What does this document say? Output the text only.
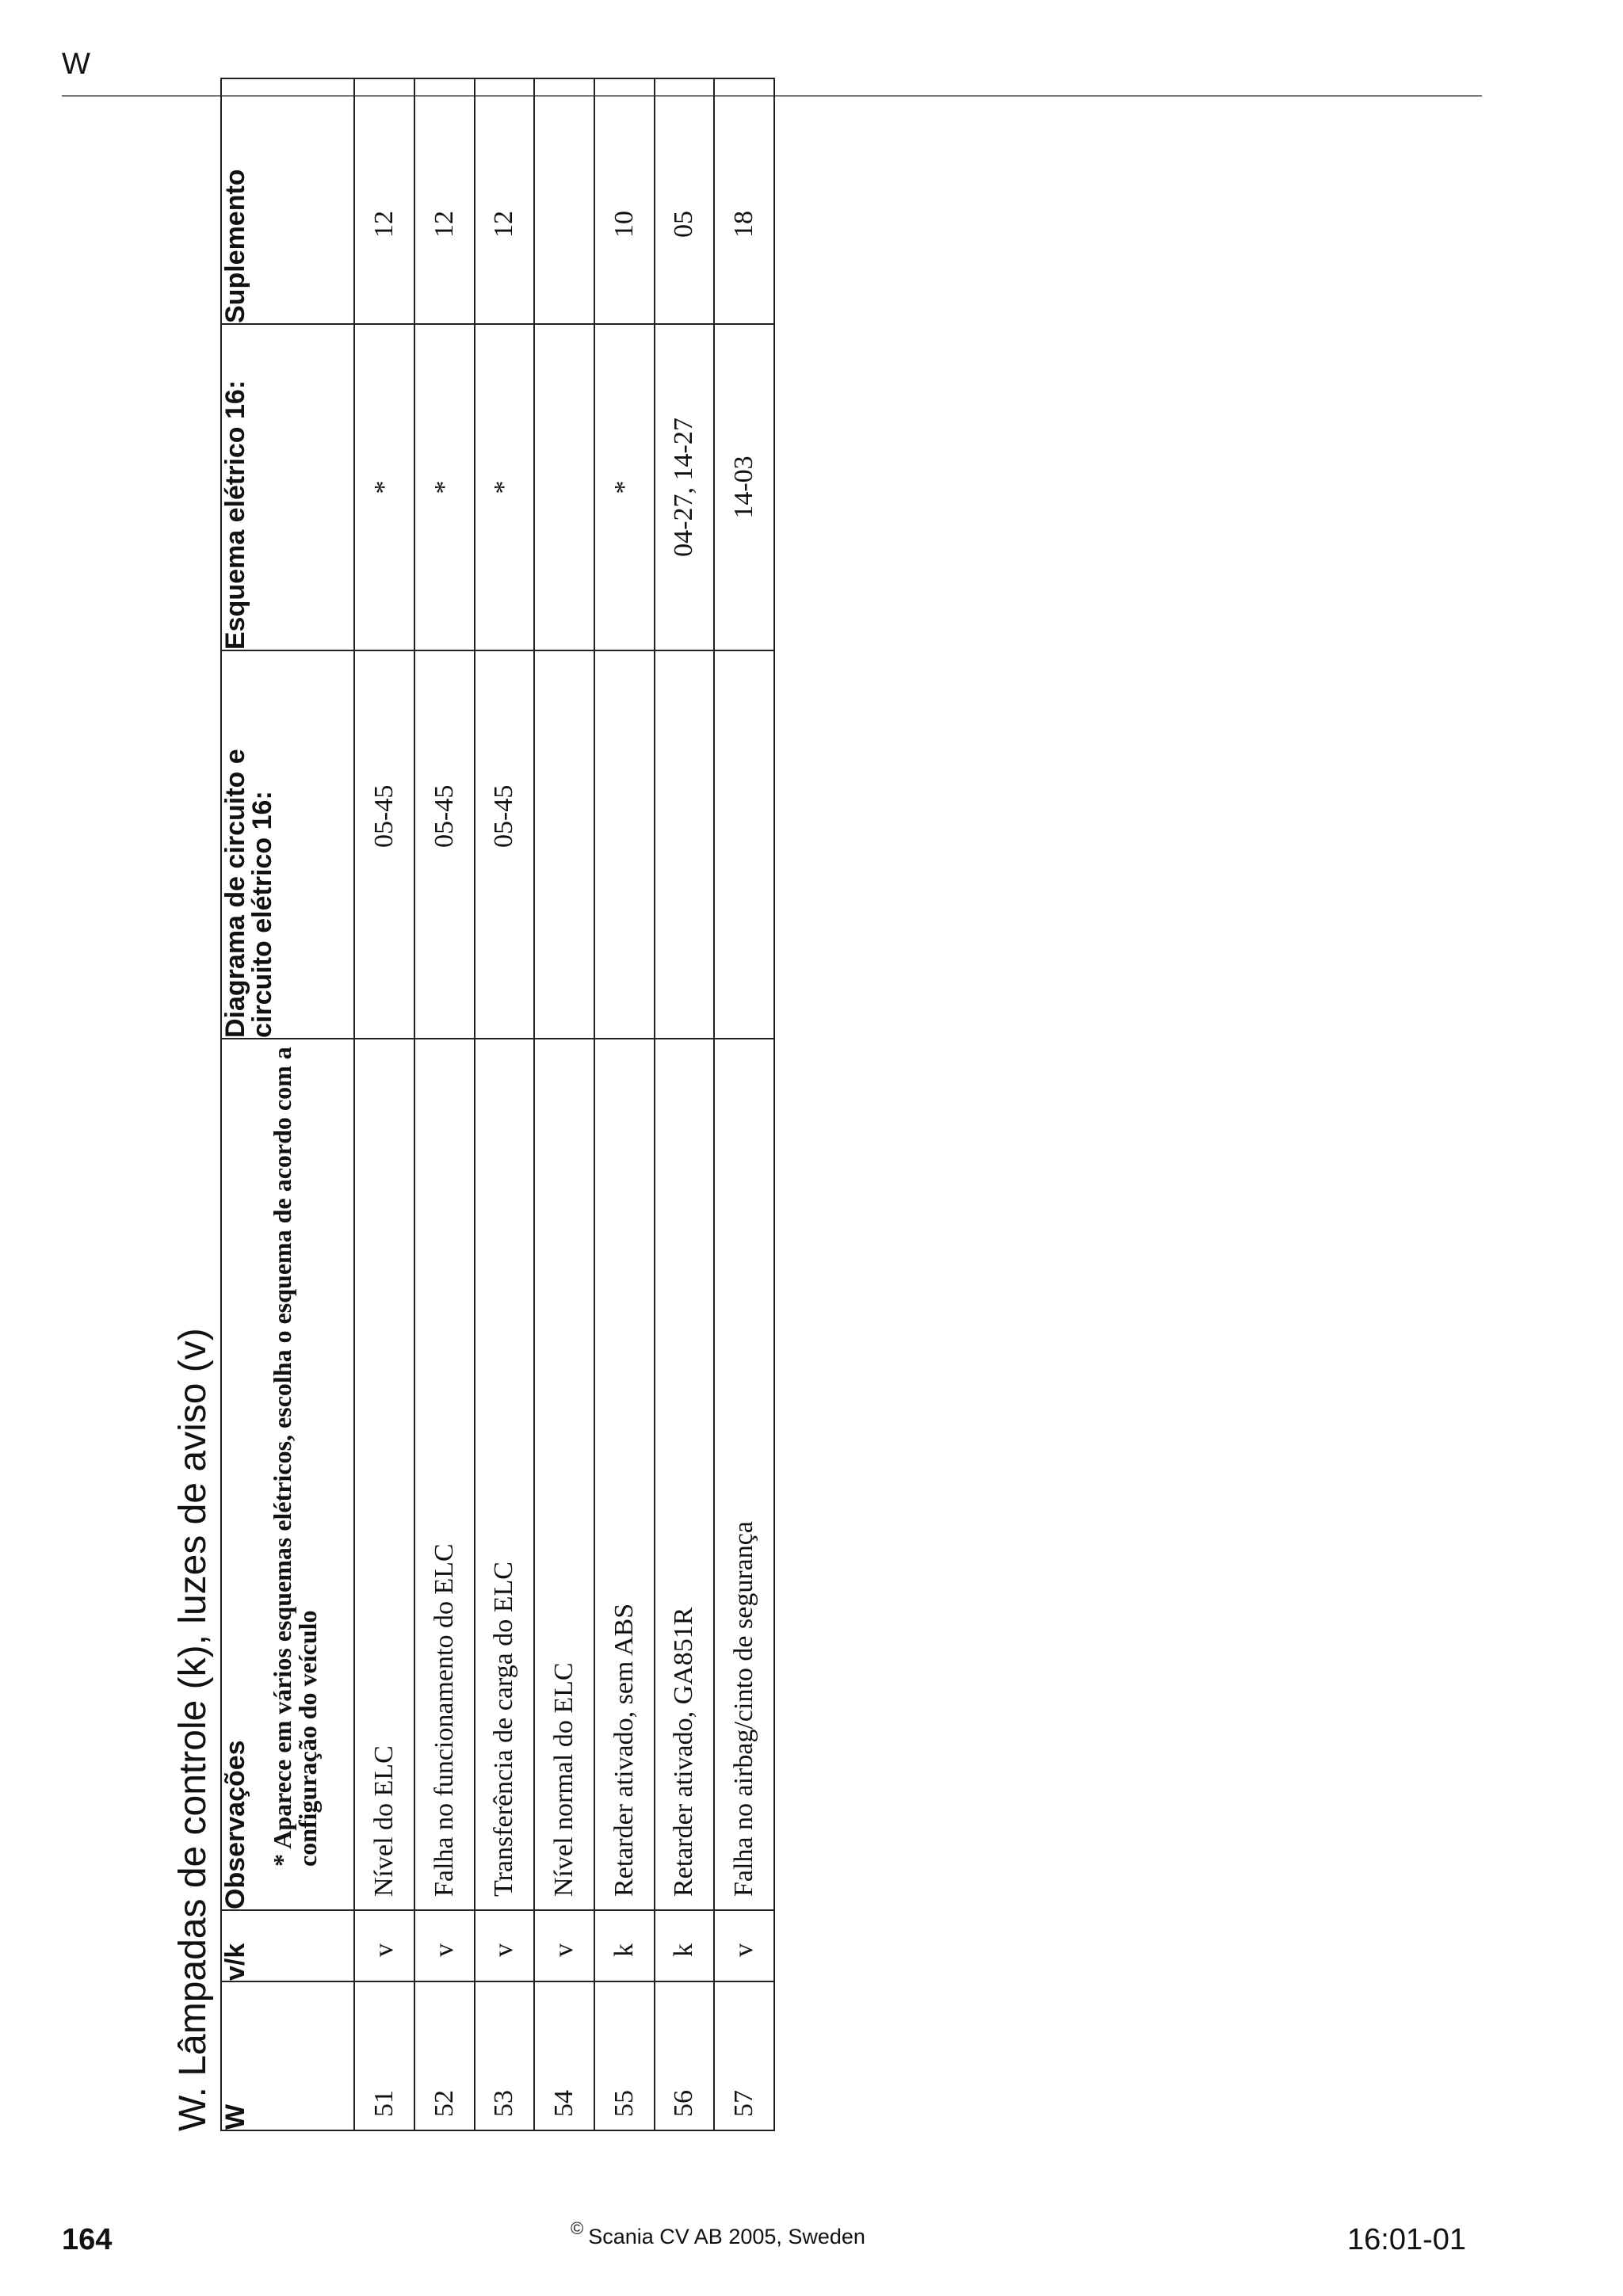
W
W. Lâmpadas de controle (k), luzes de aviso (v) W	v/k	Observações * Aparece em vários esquemas elétricos, escolha o esquema de acordo com a configuração do veículo	Diagrama de circuito e circuito elétrico 16:	Esquema elétrico 16:	Suplemento
51	v	Nível do ELC	05-45	*	12
52	v	Falha no funcionamento do ELC	05-45	*	12
53	v	Transferência de carga do ELC	05-45	*	12
54	v	Nível normal do ELC			
55	k	Retarder ativado, sem ABS		*	10
56	k	Retarder ativado, GA851R		04-27, 14-27	05
57	v	Falha no airbag/cinto de segurança		14-03	18
164	© Scania CV AB 2005, Sweden	16:01-01
